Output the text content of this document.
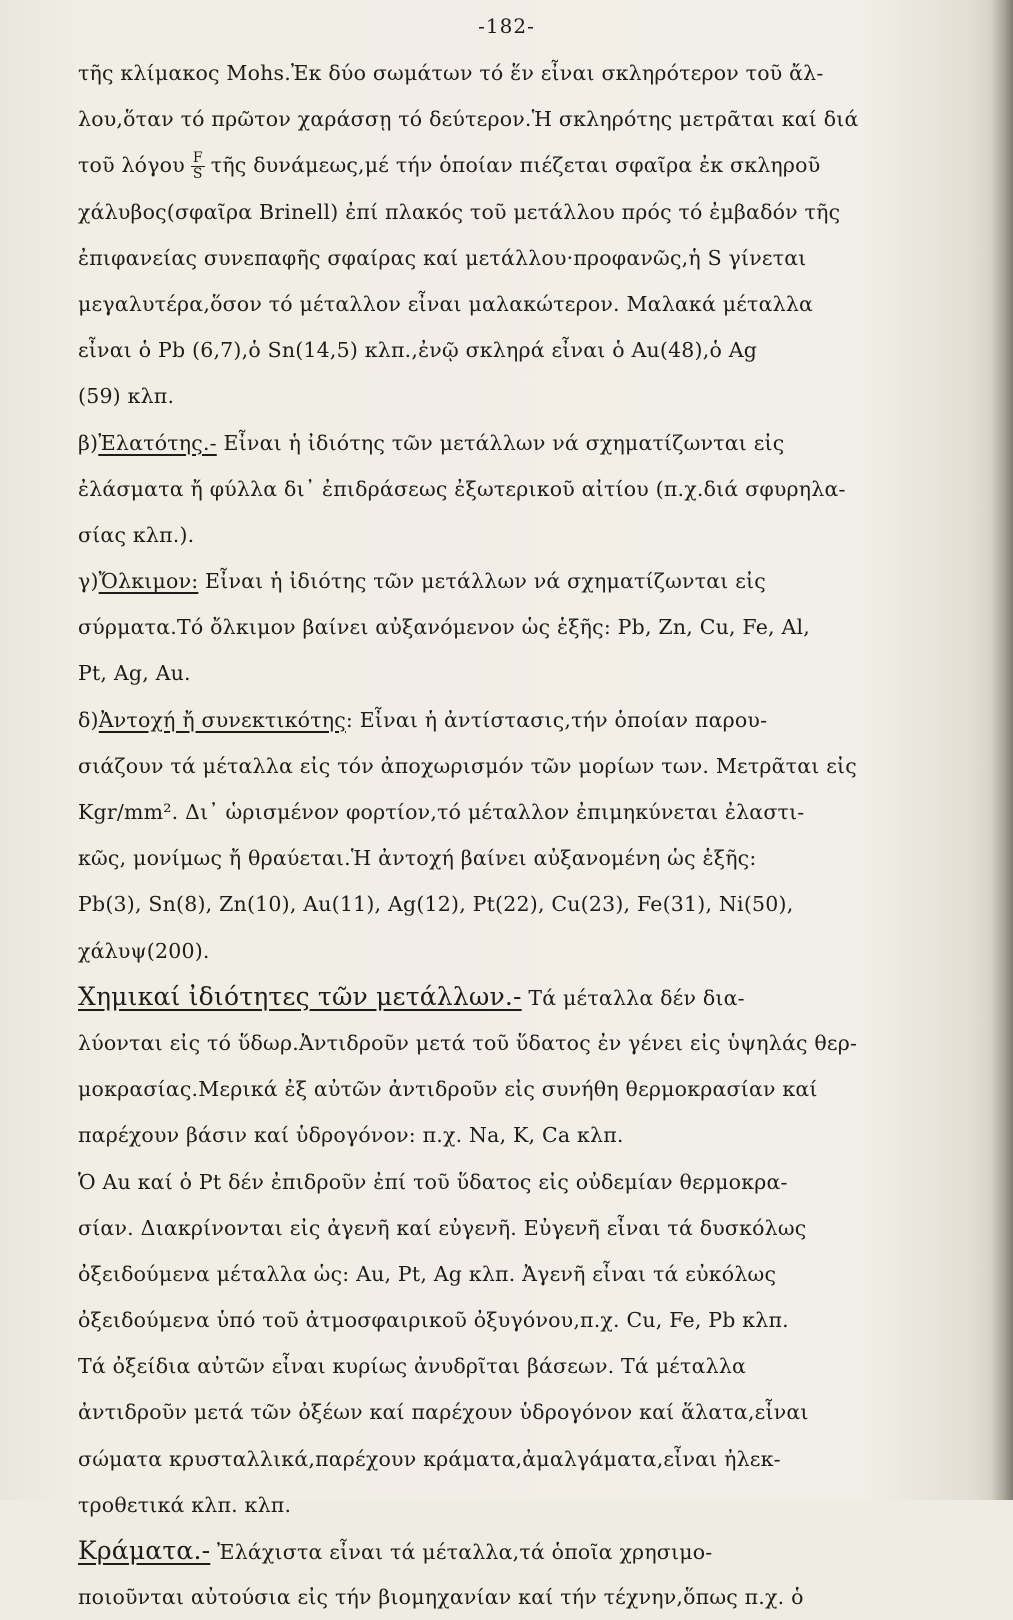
-182-
τῆς κλίμακος Mohs.Ἐκ δύο σωμάτων τό ἕν εἶναι σκληρότερον τοῦ ἄλ-
λου,ὅταν τό πρῶτον χαράσσῃ τό δεύτερον.Ἡ σκληρότης μετρᾶται καί διά
τοῦ λόγου $\frac{F}{S}$ τῆς δυνάμεως,μέ τήν ὁποίαν πιέζεται σφαῖρα ἐκ σκληροῦ
χάλυβος(σφαῖρα Brinell) ἐπί πλακός τοῦ μετάλλου πρός τό ἐμβαδόν τῆς
ἐπιφανείας συνεπαφῆς σφαίρας καί μετάλλου·προφανῶς,ἡ S γίνεται
μεγαλυτέρα,ὅσον τό μέταλλον εἶναι μαλακώτερον. Μαλακά μέταλλα
εἶναι ὁ Pb (6,7),ὁ Sn(14,5) κλπ.,ἐνῷ σκληρά εἶναι ὁ Au(48),ὁ Ag
(59) κλπ.
β)Ἐλατότης.- Εἶναι ἡ ἰδιότης τῶν μετάλλων νά σχηματίζωνται εἰς
ἐλάσματα ἤ φύλλα δι᾽ ἐπιδράσεως ἐξωτερικοῦ αἰτίου (π.χ.διά σφυρηλα-
σίας κλπ.).
γ)Ὄλκιμον: Εἶναι ἡ ἰδιότης τῶν μετάλλων νά σχηματίζωνται εἰς
σύρματα.Τό ὄλκιμον βαίνει αὐξανόμενον ὡς ἑξῆς: Pb, Zn, Cu, Fe, Al,
Pt, Ag, Au.
δ)Ἀντοχή ἤ συνεκτικότης: Εἶναι ἡ ἀντίστασις,τήν ὁποίαν παρου-
σιάζουν τά μέταλλα εἰς τόν ἀποχωρισμόν τῶν μορίων των. Μετρᾶται εἰς
Kgr/mm². Δι᾽ ὡρισμένον φορτίον,τό μέταλλον ἐπιμηκύνεται ἐλαστι-
κῶς, μονίμως ἤ θραύεται.Ἡ ἀντοχή βαίνει αὐξανομένη ὡς ἑξῆς:
Pb(3), Sn(8), Zn(10), Au(11), Ag(12), Pt(22), Cu(23), Fe(31), Ni(50),
χάλυψ(200).
Χημικαί ἰδιότητες τῶν μετάλλων.- Τά μέταλλα δέν δια-
λύονται εἰς τό ὕδωρ.Ἀντιδροῦν μετά τοῦ ὕδατος ἐν γένει εἰς ὑψηλάς θερ-
μοκρασίας.Μερικά ἐξ αὐτῶν ἀντιδροῦν εἰς συνήθη θερμοκρασίαν καί
παρέχουν βάσιν καί ὑδρογόνον: π.χ. Na, K, Ca κλπ.
Ὁ Au καί ὁ Pt δέν ἐπιδροῦν ἐπί τοῦ ὕδατος εἰς οὐδεμίαν θερμοκρα-
σίαν. Διακρίνονται εἰς ἀγενῆ καί εὐγενῆ. Εὐγενῆ εἶναι τά δυσκόλως
ὀξειδούμενα μέταλλα ὡς: Au, Pt, Ag κλπ. Ἀγενῆ εἶναι τά εὐκόλως
ὀξειδούμενα ὑπό τοῦ ἀτμοσφαιρικοῦ ὀξυγόνου,π.χ. Cu, Fe, Pb κλπ.
Τά ὀξείδια αὐτῶν εἶναι κυρίως ἀνυδρῖται βάσεων. Τά μέταλλα
ἀντιδροῦν μετά τῶν ὀξέων καί παρέχουν ὑδρογόνον καί ἅλατα,εἶναι
σώματα κρυσταλλικά,παρέχουν κράματα,ἀμαλγάματα,εἶναι ἠλεκ-
τροθετικά κλπ. κλπ.
Κράματα.- Ἐλάχιστα εἶναι τά μέταλλα,τά ὁποῖα χρησιμο-
ποιοῦνται αὐτούσια εἰς τήν βιομηχανίαν καί τήν τέχνην,ὅπως π.χ. ὁ
